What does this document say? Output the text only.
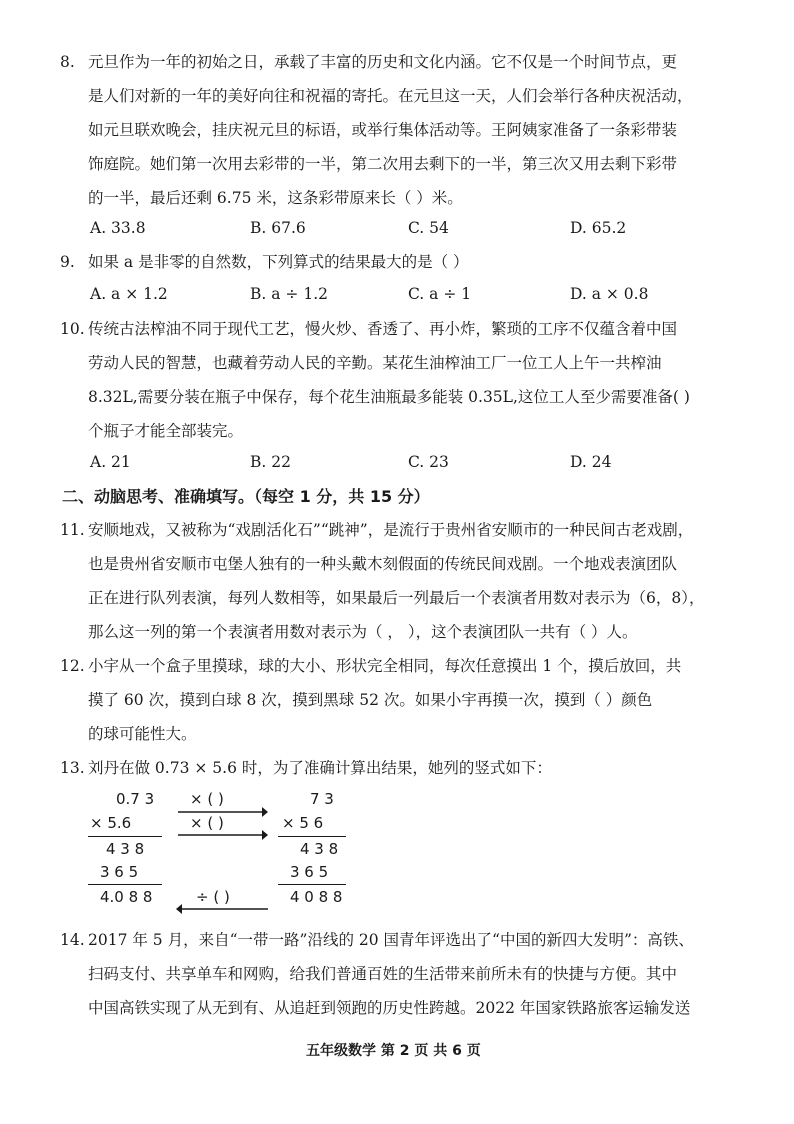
8. 元旦作为一年的初始之日，承载了丰富的历史和文化内涵。它不仅是一个时间节点，更
是人们对新的一年的美好向往和祝福的寄托。在元旦这一天，人们会举行各种庆祝活动，
如元旦联欢晚会，挂庆祝元旦的标语，或举行集体活动等。王阿姨家准备了一条彩带装
饰庭院。她们第一次用去彩带的一半，第二次用去剩下的一半，第三次又用去剩下彩带
的一半，最后还剩 6.75 米，这条彩带原来长（ ）米。
A. 33.8	B. 67.6	C. 54	D. 65.2
9. 如果 a 是非零的自然数，下列算式的结果最大的是（ ）
A. a × 1.2	B. a ÷ 1.2	C. a ÷ 1	D. a × 0.8
10. 传统古法榨油不同于现代工艺，慢火炒、香透了、再小炸，繁琐的工序不仅蕴含着中国
劳动人民的智慧，也藏着劳动人民的辛勤。某花生油榨油工厂一位工人上午一共榨油
8.32L,需要分装在瓶子中保存，每个花生油瓶最多能装 0.35L,这位工人至少需要准备( )
个瓶子才能全部装完。
A. 21	B. 22	C. 23	D. 24
二、动脑思考、准确填写。（每空 1 分，共 15 分）
11. 安顺地戏，又被称为“戏剧活化石”“跳神”，是流行于贵州省安顺市的一种民间古老戏剧，
也是贵州省安顺市屯堡人独有的一种头戴木刻假面的传统民间戏剧。一个地戏表演团队
正在进行队列表演，每列人数相等，如果最后一列最后一个表演者用数对表示为（6，8），
那么这一列的第一个表演者用数对表示为（ ， ），这个表演团队一共有（ ）人。
12. 小宇从一个盒子里摸球，球的大小、形状完全相同，每次任意摸出 1 个，摸后放回，共
摸了 60 次，摸到白球 8 次，摸到黑球 52 次。如果小宇再摸一次，摸到（ ）颜色
的球可能性大。
13. 刘丹在做 0.73 × 5.6 时，为了准确计算出结果，她列的竖式如下：
0.7 3
× 5.6
4 3 8
3 6 5
4.0 8 8
× ( )
× ( )
÷ ( )
7 3
× 5 6
4 3 8
3 6 5
4 0 8 8
14. 2017 年 5 月，来自“一带一路”沿线的 20 国青年评选出了“中国的新四大发明”：高铁、
扫码支付、共享单车和网购，给我们普通百姓的生活带来前所未有的快捷与方便。其中
中国高铁实现了从无到有、从追赶到领跑的历史性跨越。2022 年国家铁路旅客运输发送
五年级数学 第 2 页 共 6 页
